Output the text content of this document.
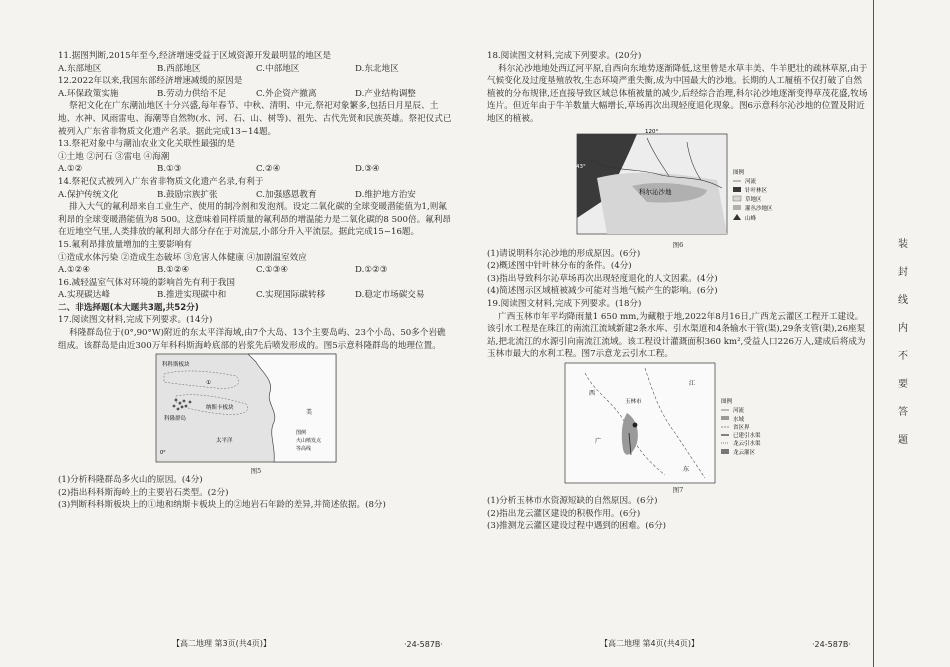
11.据图判断,2015年至今,经济增速受益于区域资源开发最明显的地区是
A.东部地区	B.西部地区	C.中部地区	D.东北地区
12.2022年以来,我国东部经济增速减缓的原因是
A.环保政策实施	B.劳动力供给不足	C.外企资产撤离	D.产业结构调整
祭祀文化在广东潮汕地区十分兴盛,每年春节、中秋、清明、中元,祭祀对象繁多,包括日月星辰、土地、水神、风雨雷电、海潮等自然物(水、河、石、山、树等)、祖先、古代先贤和民族英雄。祭祀仪式已被列入广东省非物质文化遗产名录。据此完成13~14题。
13.祭祀对象中与潮汕农业文化关联性最强的是
①土地 ②河石 ③雷电 ④海潮
A.①②	B.①③	C.②④	D.③④
14.祭祀仪式被列入广东省非物质文化遗产名录,有利于
A.保护传统文化	B.鼓励宗族扩张	C.加强感恩教育	D.维护地方治安
排入大气的氟利昂来自工业生产、使用的制冷剂和发泡剂。设定二氧化碳的全球变暖潜能值为1,则氟利昂的全球变暖潜能值为8 500。这意味着同样质量的氟利昂的增温能力是二氧化碳的8 500倍。氟利昂在近地空气里,人类排放的氟利昂大部分存在于对流层,小部分升入平流层。据此完成15~16题。
15.氟利昂排放量增加的主要影响有
①造成水体污染 ②造成生态破坏 ③危害人体健康 ④加剧温室效应
A.①②④	B.①②④	C.①③④	D.①②③
16.减轻温室气体对环境的影响首先有利于我国
A.实现碳达峰	B.推进实现碳中和	C.实现国际碳转移	D.稳定市场碳交易
二、非选择题(本大题共3题,共52分)
17.阅读图文材料,完成下列要求。(14分)
科隆群岛位于(0°,90°W)附近的东太平洋海域,由7个大岛、13个主要岛屿、23个小岛、50多个岩礁组成。该群岛是由近300万年科科斯海岭底部的岩浆先后喷发形成的。图5示意科隆群岛的地理位置。
科科斯板块
①
纳斯卡板块
科隆群岛
美
太平洋
0°
图例
火山喷发点
等高线
图5
(1)分析科隆群岛多火山的原因。(4分)
(2)指出科科斯海岭上的主要岩石类型。(2分)
(3)判断科科斯板块上的①地和纳斯卡板块上的②地岩石年龄的差异,并简述依据。(8分)
18.阅读图文材料,完成下列要求。(20分)
科尔沁沙地地处西辽河平原,自西向东地势逐渐降低,这里曾是水草丰美、牛羊肥壮的疏林草原,由于气候变化及过度垦殖放牧,生态环境严重失衡,成为中国最大的沙地。长期的人工履植不仅打破了自然植被的分布规律,还直接导致区域总体植被量的减少,后经综合治理,科尔沁沙地逐渐变得草茂花盛,牧场连片。但近年由于牛羊数量大幅增长,草场再次出现轻度退化现象。图6示意科尔沁沙地的位置及附近地区的植被。
120°
43°
科尔沁沙地
图例
河流
针叶林区
草地区
灌丛沙地区
山峰
图6
(1)请说明科尔沁沙地的形成原因。(6分)
(2)概述图中针叶林分布的条件。(4分)
(3)指出导致科尔沁草场再次出现轻度退化的人文因素。(4分)
(4)简述图示区域植被减少可能对当地气候产生的影响。(6分)
19.阅读图文材料,完成下列要求。(18分)
广西玉林市年平均降雨量1 650 mm,为藏粮于地,2022年8月16日,广西龙云灌区工程开工建设。该引水工程是在珠江的南流江流域新建2条水库、引水渠道和4条输水干管(渠),29条支管(渠),26座泵站,把北流江的水源引向南流江流域。该工程设计灌溉面积360 km²,受益人口226万人,建成后将成为玉林市最大的水利工程。图7示意龙云引水工程。
玉林市
江
西
广
东
图例
河流
水域
省区界
已建引水渠
龙云引水渠
龙云灌区
图7
(1)分析玉林市水资源短缺的自然原因。(6分)
(2)指出龙云灌区建设的积极作用。(6分)
(3)推测龙云灌区建设过程中遇到的困难。(6分)
【高二地理 第3页(共4页)】	·24-587B·	【高二地理 第4页(共4页)】	·24-587B·
装
封
线
内
不
要
答
题
